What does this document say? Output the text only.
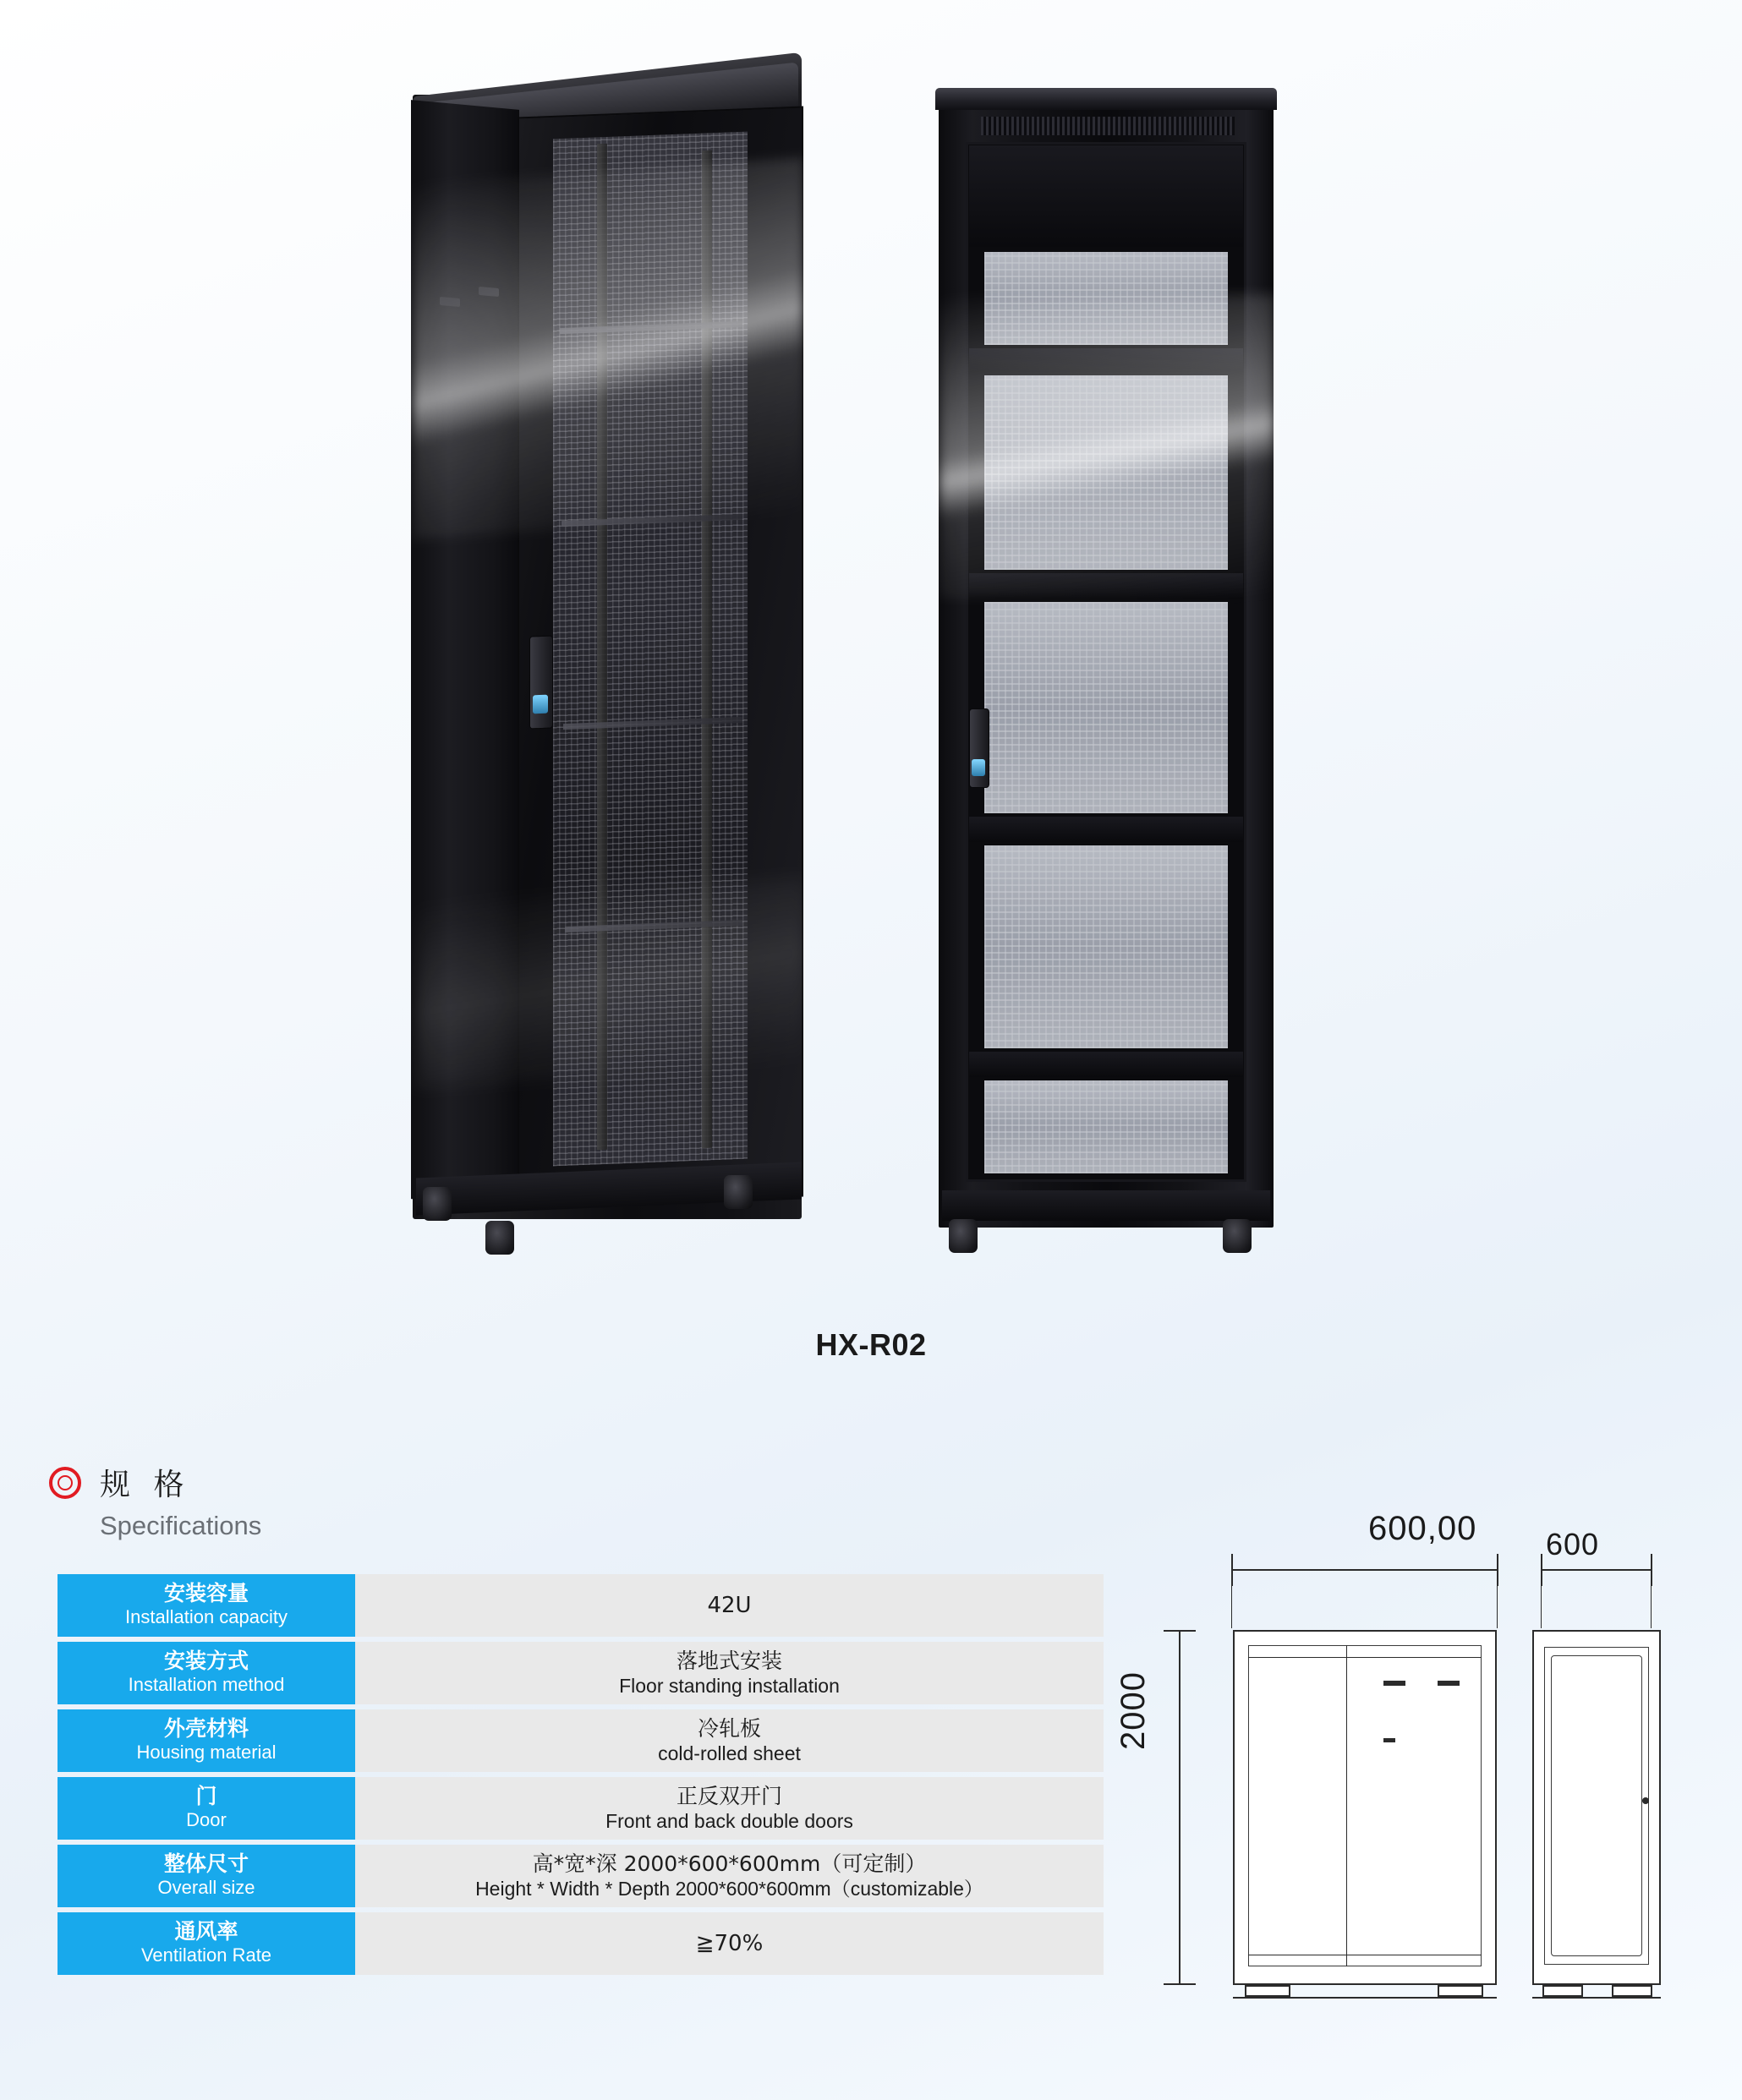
HX-R02
规 格
Specifications
安装容量
Installation capacity	42U

安装方式
Installation method	落地式安装
Floor standing installation

外壳材料
Housing material	冷轧板
cold-rolled sheet

门
Door	正反双开门
Front and back double doors

整体尺寸
Overall size	高*宽*深 2000*600*600mm（可定制）
Height * Width * Depth 2000*600*600mm（customizable）

通风率
Ventilation Rate	≧70%
600,00 600
2000
